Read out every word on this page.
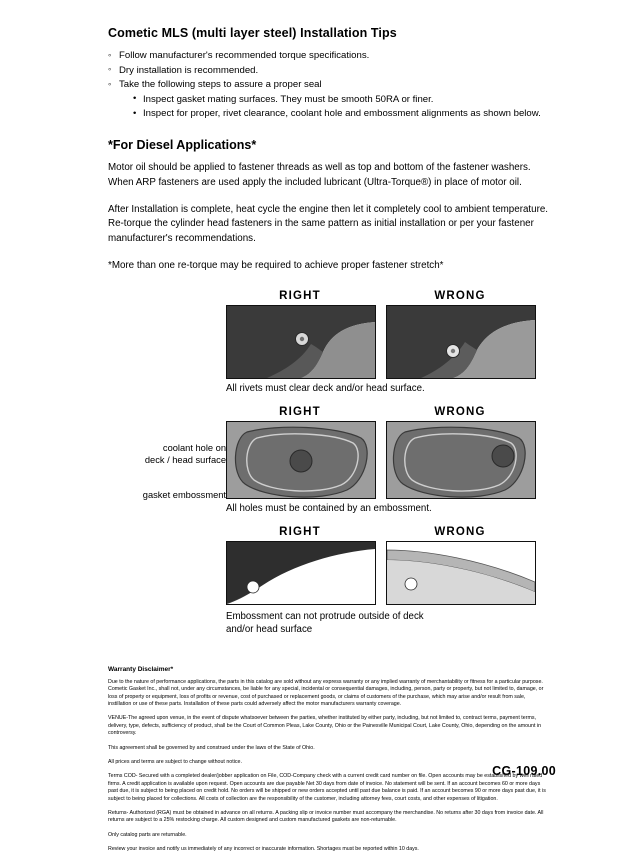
Cometic MLS (multi layer steel) Installation Tips
◦ Follow manufacturer's recommended torque specifications.
◦ Dry installation is recommended.
◦ Take the following steps to assure a proper seal
• Inspect gasket mating surfaces. They must be smooth 50RA or finer.
• Inspect for proper, rivet clearance, coolant hole and embossment alignments as shown below.
*For Diesel Applications*

Motor oil should be applied to fastener threads as well as top and bottom of the fastener washers. When ARP fasteners are used apply the included lubricant (Ultra-Torque®) in place of motor oil.

After Installation is complete, heat cycle the engine then let it completely cool to ambient temperature. Re-torque the cylinder head fasteners in the same pattern as initial installation or per your fastener manufacturer's recommendations.

*More than one re-torque may be required to achieve proper fastener stretch*

RIGHT	WRONG
All rivets must clear deck and/or head surface.
coolant hole on
deck / head surface
gasket embossment
RIGHT	WRONG
All holes must be contained by an embossment.
RIGHT	WRONG
Embossment can not protrude outside of deck
and/or head surface
Warranty Disclaimer*

Due to the nature of performance applications, the parts in this catalog are sold without any express warranty or any implied warranty of merchantability or fitness for a particular purpose. Cometic Gasket Inc., shall not, under any circumstances, be liable for any special, incidental or consequential damages, including, person, party or property, but not limited to, damage, or loss of property or equipment, loss of profits or revenue, cost of purchased or replacement goods, or claims of customers of the purchase, which may arise and/or result from sale, instillation or use of these parts. Installation of these parts could adversely affect the motor manufacturers warranty coverage.

VENUE-The agreed upon venue, in the event of dispute whatsoever between the parties, whether instituted by either party, including, but not limited to, contract terms, payment terms, delivery, type, defects, sufficiency of product, shall be the Court of Common Pleas, Lake County, Ohio or the Painesville Municipal Court, Lake County, Ohio, depending on the amount in controversy.

This agreement shall be governed by and construed under the laws of the State of Ohio.

All prices and terms are subject to change without notice.

Terms COD- Secured with a completed dealer/jobber application on File, COD-Company check with a current credit card number on file. Open accounts may be established by well rated firms. A credit application is available upon request. Open accounts are due payable Net 30 days from date of invoice. No statement will be sent. If an account becomes 60 or more days past due, it is subject to being placed on credit hold. No orders will be shipped or new orders accepted until past due balance is paid. If an account becomes 90 or more days past due, it is subject to being placed for collections. All costs of collection are the responsibility of the customer, including attorney fees, court costs, and other expenses of litigation.

Returns- Authorized (RGA) must be obtained in advance on all returns. A packing slip or invoice number must accompany the merchandise. No returns after 30 days from invoice date. All returns are subject to a 25% restocking charge. All custom designed and custom manufactured gaskets are non-returnable.

Only catalog parts are returnable.

Review your invoice and notify us immediately of any incorrect or inaccurate information. Shortages must be reported within 10 days.

CG-109.00
